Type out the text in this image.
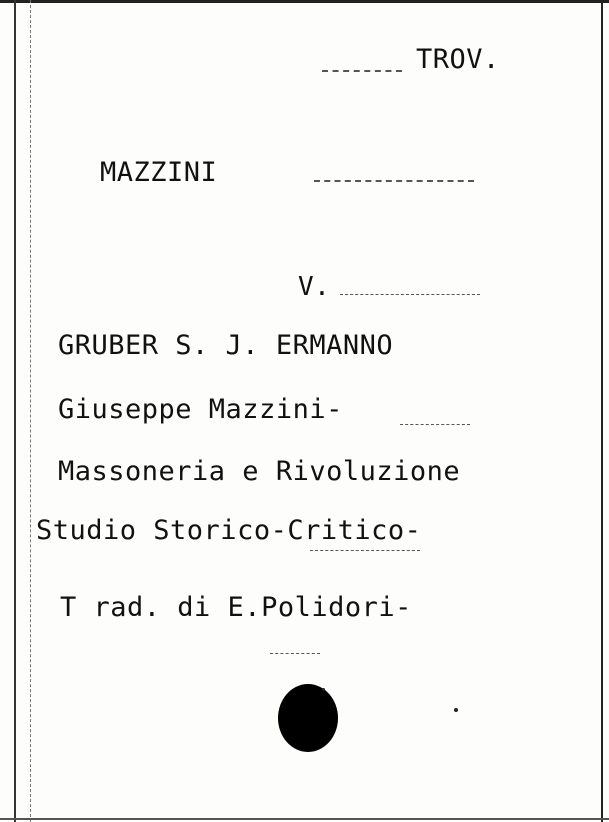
TROV.
MAZZINI
V.
GRUBER S. J. ERMANNO
Giuseppe Mazzini-
Massoneria e Rivoluzione
Studio Storico-Critico-
T rad. di E.Polidori-
